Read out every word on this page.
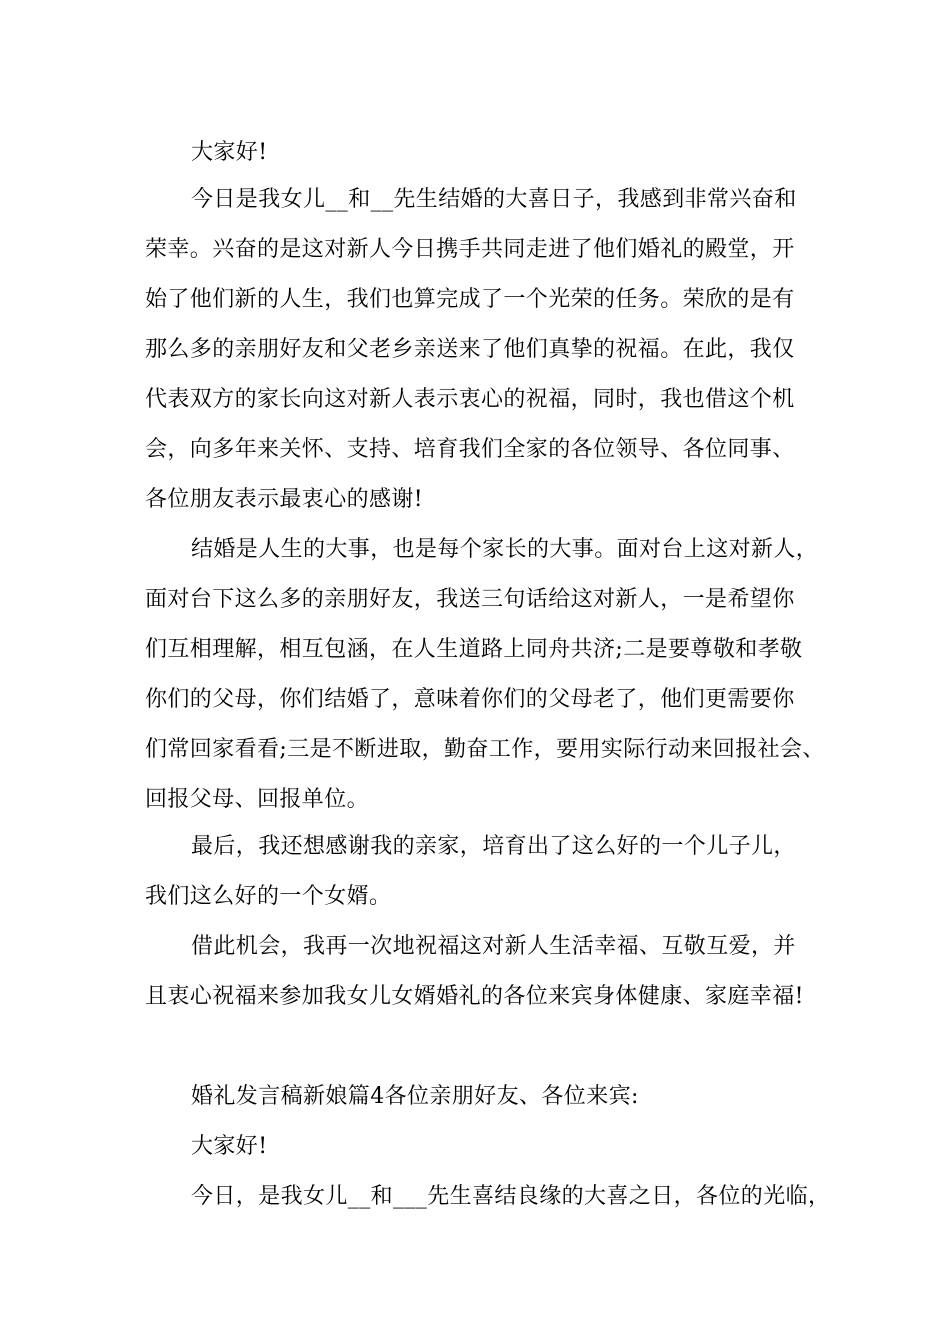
大家好!
今日是我女儿__和__先生结婚的大喜日子，我感到非常兴奋和
荣幸。兴奋的是这对新人今日携手共同走进了他们婚礼的殿堂，开
始了他们新的人生，我们也算完成了一个光荣的任务。荣欣的是有
那么多的亲朋好友和父老乡亲送来了他们真挚的祝福。在此，我仅
代表双方的家长向这对新人表示衷心的祝福，同时，我也借这个机
会，向多年来关怀、支持、培育我们全家的各位领导、各位同事、
各位朋友表示最衷心的感谢!
结婚是人生的大事，也是每个家长的大事。面对台上这对新人，
面对台下这么多的亲朋好友，我送三句话给这对新人，一是希望你
们互相理解，相互包涵，在人生道路上同舟共济;二是要尊敬和孝敬
你们的父母，你们结婚了，意味着你们的父母老了，他们更需要你
们常回家看看;三是不断进取，勤奋工作，要用实际行动来回报社会、
回报父母、回报单位。
最后，我还想感谢我的亲家，培育出了这么好的一个儿子儿，
我们这么好的一个女婿。
借此机会，我再一次地祝福这对新人生活幸福、互敬互爱，并
且衷心祝福来参加我女儿女婿婚礼的各位来宾身体健康、家庭幸福!
婚礼发言稿新娘篇4各位亲朋好友、各位来宾:
大家好!
今日，是我女儿__和___先生喜结良缘的大喜之日，各位的光临，
